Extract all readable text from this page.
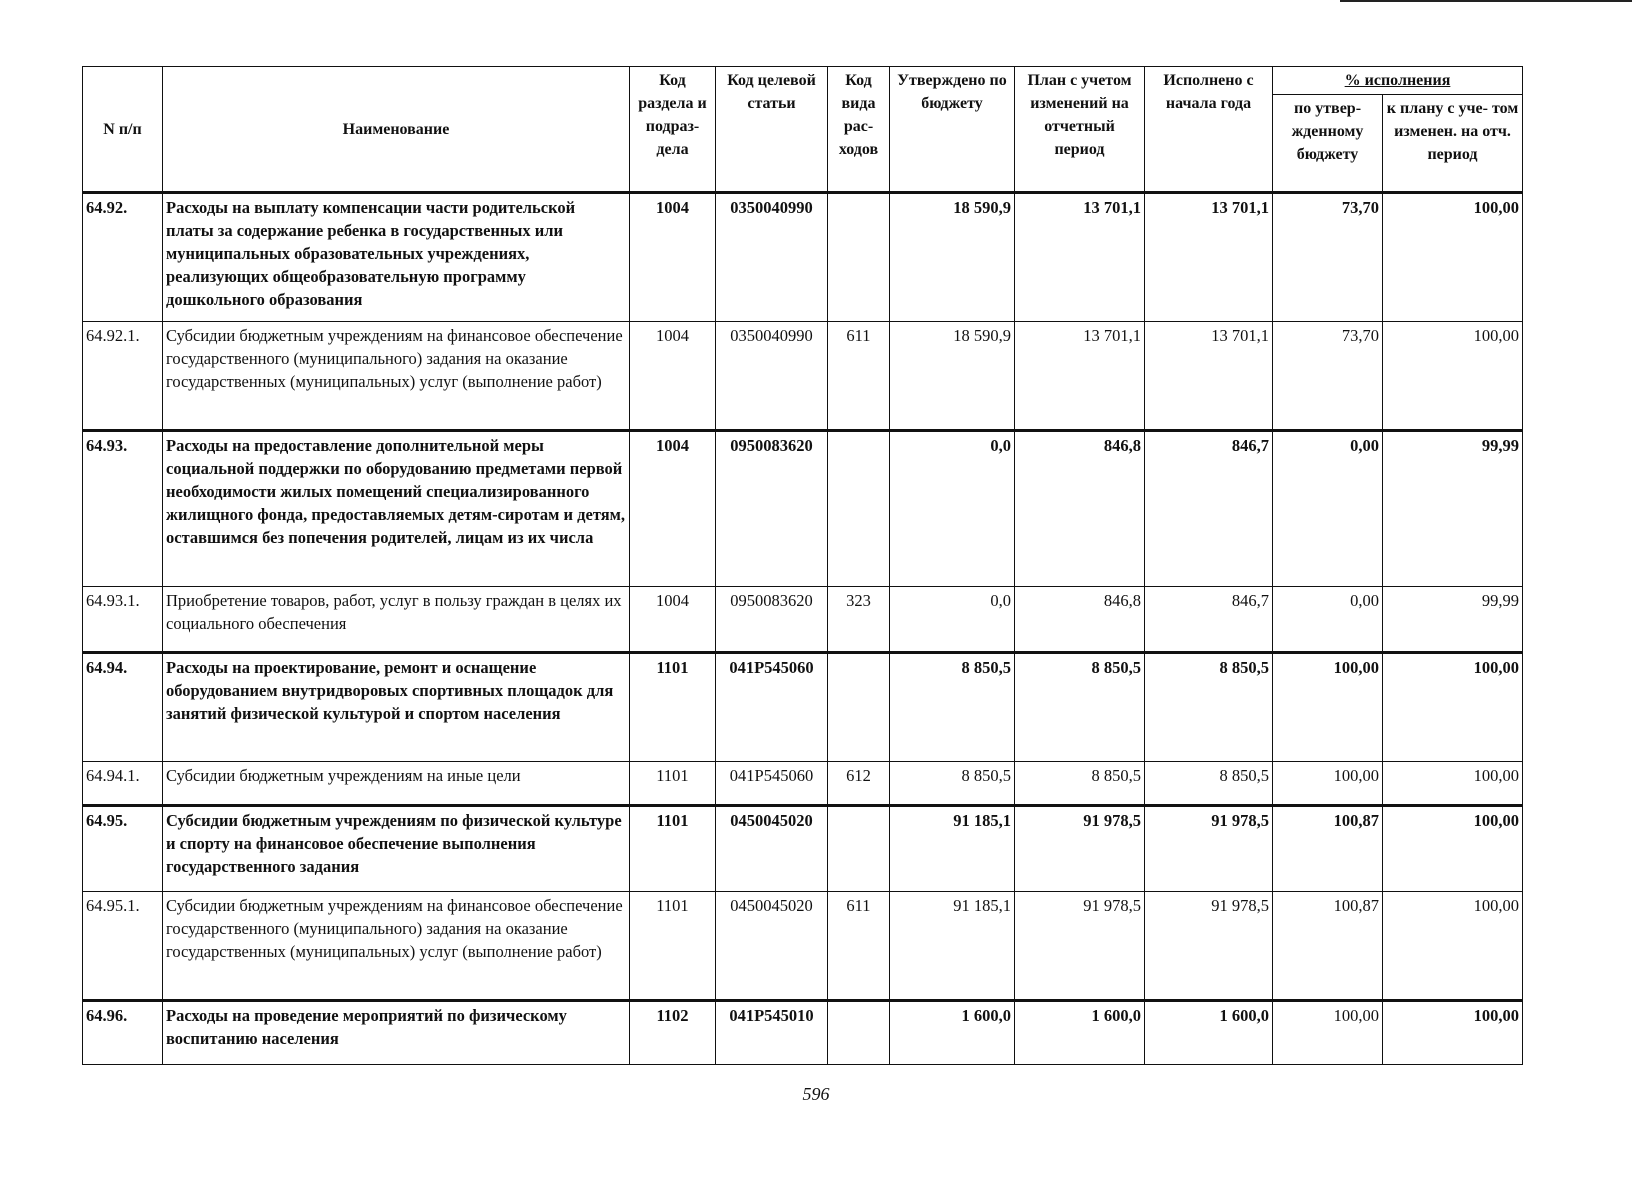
N п/п	Наименование	Код раздела и подраз- дела	Код целевой статьи	Код вида рас- ходов	Утверждено по бюджету	План с учетом изменений на отчетный период	Исполнено с начала года	% исполнения	
								по утвер- жденному бюджету	к плану с уче- том изменен. на отч. период
64.92.	Расходы на выплату компенсации части родительской платы за содержание ребенка в государственных или муниципальных образовательных учреждениях, реализующих общеобразовательную программу дошкольного образования	1004	0350040990		18 590,9	13 701,1	13 701,1	73,70	100,00
64.92.1.	Субсидии бюджетным учреждениям на финансовое обеспечение государственного (муниципального) задания на оказание государственных (муниципальных) услуг (выполнение работ)	1004	0350040990	611	18 590,9	13 701,1	13 701,1	73,70	100,00
64.93.	Расходы на предоставление дополнительной меры социальной поддержки по оборудованию предметами первой необходимости жилых помещений специализированного жилищного фонда, предоставляемых детям-сиротам и детям, оставшимся без попечения родителей, лицам из их числа	1004	0950083620		0,0	846,8	846,7	0,00	99,99
64.93.1.	Приобретение товаров, работ, услуг в пользу граждан в целях их социального обеспечения	1004	0950083620	323	0,0	846,8	846,7	0,00	99,99
64.94.	Расходы на проектирование, ремонт и оснащение оборудованием внутридворовых спортивных площадок для занятий физической культурой и спортом населения	1101	041P545060		8 850,5	8 850,5	8 850,5	100,00	100,00
64.94.1.	Субсидии бюджетным учреждениям на иные цели	1101	041P545060	612	8 850,5	8 850,5	8 850,5	100,00	100,00
64.95.	Субсидии бюджетным учреждениям по физической культуре и спорту на финансовое обеспечение выполнения государственного задания	1101	0450045020		91 185,1	91 978,5	91 978,5	100,87	100,00
64.95.1.	Субсидии бюджетным учреждениям на финансовое обеспечение государственного (муниципального) задания на оказание государственных (муниципальных) услуг (выполнение работ)	1101	0450045020	611	91 185,1	91 978,5	91 978,5	100,87	100,00
64.96.	Расходы на проведение мероприятий по физическому воспитанию населения	1102	041P545010		1 600,0	1 600,0	1 600,0	100,00	100,00
596
